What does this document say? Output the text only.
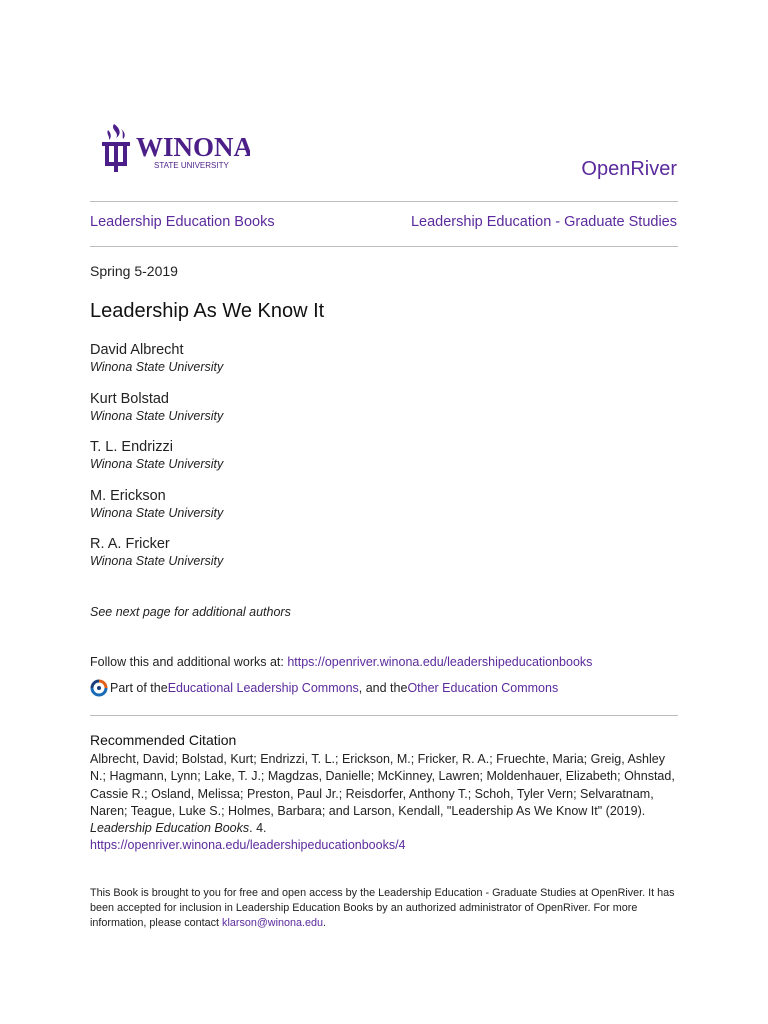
WINONA
STATE UNIVERSITY	OpenRiver
Leadership Education Books	Leadership Education - Graduate Studies
Spring 5-2019
Leadership As We Know It
David Albrecht
Winona State University
Kurt Bolstad
Winona State University
T. L. Endrizzi
Winona State University
M. Erickson
Winona State University
R. A. Fricker
Winona State University
See next page for additional authors
Follow this and additional works at: https://openriver.winona.edu/leadershipeducationbooks
Part of the Educational Leadership Commons , and the Other Education Commons
Recommended Citation
Albrecht, David; Bolstad, Kurt; Endrizzi, T. L.; Erickson, M.; Fricker, R. A.; Fruechte, Maria; Greig, Ashley N.; Hagmann, Lynn; Lake, T. J.; Magdzas, Danielle; McKinney, Lawren; Moldenhauer, Elizabeth; Ohnstad, Cassie R.; Osland, Melissa; Preston, Paul Jr.; Reisdorfer, Anthony T.; Schoh, Tyler Vern; Selvaratnam, Naren; Teague, Luke S.; Holmes, Barbara; and Larson, Kendall, "Leadership As We Know It" (2019).
Leadership Education Books. 4.
https://openriver.winona.edu/leadershipeducationbooks/4
This Book is brought to you for free and open access by the Leadership Education - Graduate Studies at OpenRiver. It has been accepted for inclusion in Leadership Education Books by an authorized administrator of OpenRiver. For more information, please contact klarson@winona.edu.
